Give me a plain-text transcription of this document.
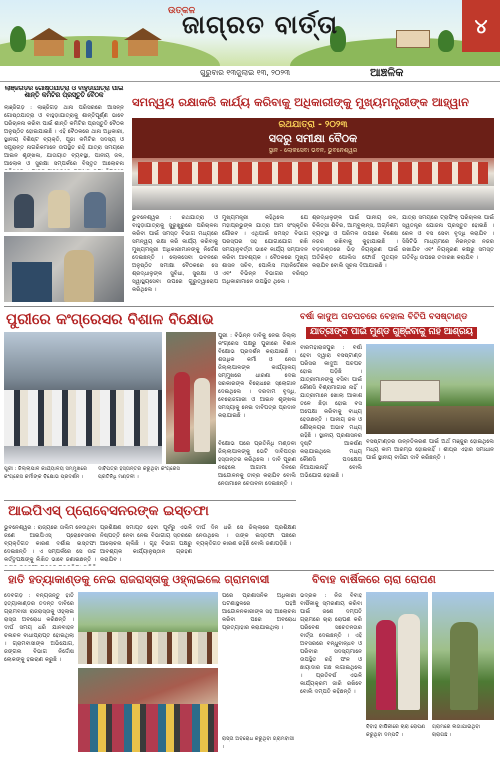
ଉତ୍କଳ
ଜାଗ୍ରତ ବାର୍ତ୍ତା	୪
ଗୁରୁବାର ୧୩ଜୁଲାଇ ୧୩, ୨୦୨୩	ଆଞ୍ଚଳିକ
ଲାଞ୍ଜିଗଡ଼ର ଗୋଷ୍ଠଯାତ୍ରା ଓ ବାହୁଡ଼ାଯାତ୍ରା ପାଇଁ ଶାନ୍ତି କମିଟିର ପ୍ରସ୍ତୁତି ବୈଠକ
ଲାଞ୍ଜିଗଡ଼ : ଲାଞ୍ଜିଗଡ଼ ଥାନା ପରିସରରେ ଆସନ୍ନ ଗୋଷ୍ଠଯାତ୍ରା ଓ ବାହୁଡ଼ାଯାତ୍ରାକୁ ଶାନ୍ତିପୂର୍ଣ୍ଣ ଭାବେ ପରିଚାଳନା କରିବା ପାଇଁ ଶାନ୍ତି କମିଟିର ପ୍ରସ୍ତୁତି ବୈଠକ ଅନୁଷ୍ଠିତ ହୋଇଯାଇଛି । ଏହି ବୈଠକରେ ଥାନା ଅଧିକାରୀ, ସ୍ଥାନୀୟ ବିଶିଷ୍ଟ ବ୍ୟକ୍ତି, ପୂଜା କମିଟିର ସଦସ୍ୟ ଓ ସମ୍ଭ୍ରାନ୍ତ ନାଗରିକମାନେ ଉପସ୍ଥିତ ରହି ଯାତ୍ରା ସମୟରେ ଆଇନ ଶୃଙ୍ଖଳା, ଯାତାୟାତ ବ୍ୟବସ୍ଥା, ପାନୀୟ ଜଳ, ଆଲୋକ ଓ ସୁରକ୍ଷା ସମ୍ପର୍କରେ ବିସ୍ତୃତ ଆଲୋଚନା
ସମନ୍ୱୟ ରକ୍ଷାକରି କାର୍ଯ୍ୟ କରିବାକୁ ଅଧିକାରୀଙ୍କୁ ମୁଖ୍ୟମନ୍ତ୍ରୀଙ୍କ ଆହ୍ୱାନ
ରଥଯାତ୍ରା - ୨୦୨୩
ସଦରୁ ସମୀକ୍ଷା ବୈଠକ
ସ୍ଥାନ - ଲୋକସେବା ଭବନ, ଭୁବନେଶ୍ୱର
ଭୁବନେଶ୍ୱର : ରଥଯାତ୍ରା ଓ ବାହୁଡ଼ାଯାତ୍ରାକୁ ସୁରୁଖୁରୁରେ ପରିଚାଳନା କରିବା ପାଇଁ ସମସ୍ତ ବିଭାଗ ମଧ୍ୟରେ ସମନ୍ୱୟ ରକ୍ଷା କରି କାର୍ଯ୍ୟ କରିବାକୁ ମୁଖ୍ୟମନ୍ତ୍ରୀ ଅଧିକାରୀମାନଙ୍କୁ ନିର୍ଦ୍ଦେଶ ଦେଇଛନ୍ତି । ଲୋକସେବା ଭବନରେ ଅନୁଷ୍ଠିତ ସମୀକ୍ଷା ବୈଠକରେ ସେ ଶ୍ରଦ୍ଧାଳୁଙ୍କ ସୁବିଧା, ସୁରକ୍ଷା ଓ ସ୍ୱାସ୍ଥ୍ୟସେବା ଉପରେ ଗୁରୁତ୍ୱାରୋପ କରିଥିଲେ ।
ମୁଖ୍ୟମନ୍ତ୍ରୀ କହିଥିଲେ ଯେ ମହାପ୍ରଭୁଙ୍କ ଯାତ୍ରା ଆମ ସଂସ୍କୃତିର ଗୌରବ । ଏଥିପାଇଁ ସମସ୍ତ ବିଭାଗ ପରସ୍ପର ସହ ଯୋଗାଯୋଗ ରଖି ସମୟାନୁବର୍ତ୍ତୀ ଭାବେ କାର୍ଯ୍ୟ ସମ୍ପାଦନ କରିବା ଆବଶ୍ୟକ । ବୈଠକରେ ମୁଖ୍ୟ ଶାସନ ସଚିବ, ପୋଲିସ ମହାନିର୍ଦ୍ଦେଶକ ଏବଂ ବିଭିନ୍ନ ବିଭାଗର ବରିଷ୍ଠ ଅଧିକାରୀମାନେ ଉପସ୍ଥିତ ଥିଲେ ।
ଶ୍ରଦ୍ଧାଳୁଙ୍କ ପାଇଁ ପାନୀୟ ଜଳ, ଚିକିତ୍ସା ଶିବିର, ଆମ୍ବୁଲାନ୍ସ, ଅଗ୍ନିଶମ ବ୍ୟବସ୍ଥା ଓ ପରିମଳ ଉପରେ ବିଶେଷ ନଜର ରଖିବାକୁ କୁହାଯାଇଛି । ବଡ଼ଦାଣ୍ଡରେ ଭିଡ଼ ନିୟନ୍ତ୍ରଣ ପାଇଁ ଅତିରିକ୍ତ ପୋଲିସ ଫୋର୍ସ ମୁତୟନ କରାଯିବ ବୋଲି ସୂଚନା ଦିଆଯାଇଛି ।
ଯାତ୍ରା ସମୟରେ ଟ୍ରାଫିକ୍ ପରିଚାଳନା ପାଇଁ ସ୍ୱତନ୍ତ୍ର ଯୋଜନା ପ୍ରସ୍ତୁତ ହୋଇଛି । ରେଳ ଓ ବସ ସେବା ବୃଦ୍ଧି କରାଯିବ । ସିସିଟିଭି ମାଧ୍ୟମରେ ନିରନ୍ତର ନଜର ରଖାଯିବ ଏବଂ ନିୟନ୍ତ୍ରଣ କକ୍ଷରୁ ସମସ୍ତ ଗତିବିଧି ଉପରେ ତଦାରଖ କରାଯିବ ।
ପୁରୀରେ କଂଗ୍ରେସର ବିଶାଳ ବିକ୍ଷୋଭ
ପୁରୀ : ବିଭିନ୍ନ ଦାବିକୁ ନେଇ ଜିଲ୍ଲା କଂଗ୍ରେସ ପକ୍ଷରୁ ପୁରୀରେ ବିଶାଳ ବିକ୍ଷୋଭ ପ୍ରଦର୍ଶନ କରାଯାଇଛି । ଶତାଧିକ କର୍ମୀ ଓ ନେତା ଜିଲ୍ଲାପାଳଙ୍କ କାର୍ଯ୍ୟାଳୟ ସମ୍ମୁଖରେ ଧାରଣା ଦେଇ ସରକାରଙ୍କ ବିରୋଧରେ ସ୍ଲୋଗାନ ଦେଇଥିଲେ । ଦରଦାମ ବୃଦ୍ଧି, ବେରୋଜଗାରୀ ଓ ଆଇନ ଶୃଙ୍ଖଳା ସମସ୍ୟାକୁ ନେଇ ଦାବିପତ୍ର ପ୍ରଦାନ କରାଯାଇଛି ।
ପୁରୀ : ଜିଲ୍ଲାପାଳ କାର୍ଯ୍ୟାଳୟ ସମ୍ମୁଖରେ କଂଗ୍ରେସ କର୍ମୀଙ୍କ ବିକ୍ଷୋଭ ପ୍ରଦର୍ଶନ ।
ଦାବିପତ୍ର ହସ୍ତାନ୍ତର କରୁଥିବା କଂଗ୍ରେସ ପ୍ରତିନିଧି ମଣ୍ଡଳୀ ।
ବିକ୍ଷୋଭ ପରେ ପ୍ରତିନିଧି ମଣ୍ଡଳୀ ଜିଲ୍ଲାପାଳଙ୍କୁ ଭେଟି ଦାବିପତ୍ର ହସ୍ତାନ୍ତର କରିଥିଲେ । ଦାବି ପୂରଣ ନହେଲେ ଆଗାମୀ ଦିନରେ ଆନ୍ଦୋଳନକୁ ତୀବ୍ର କରାଯିବ ବୋଲି ନେତାମାନେ ଚେତାବନୀ ଦେଇଛନ୍ତି ।
ବର୍ଷା କାଦୁଅ ପଚପଚରେ ବେହାଲ ବିଟିପି ବସଷ୍ଟାଣ୍ଡ
ଯାତ୍ରୀଙ୍କ ପାଇଁ ମୁଣ୍ଡ ଗୁଞ୍ଜିବାକୁ ନାହିଁ ଆଶ୍ରୟ
ବୀରମହାରାଜପୁର : ବର୍ଷା ହେବା ଦ୍ୱାରା ବସଷ୍ଟାଣ୍ଡ ପରିସର କାଦୁଅ ପଚପଚ ହୋଇ ପଡ଼ିଛି । ଯାତ୍ରୀମାନଙ୍କୁ ବସିବା ପାଇଁ କୌଣସି ବିଶ୍ରାମାଗାର ନାହିଁ । ଯାତ୍ରୀମାନେ ଖୋଲା ଆକାଶ ତଳେ ଛିଡ଼ା ହୋଇ ବସ ଅପେକ୍ଷା କରିବାକୁ ବାଧ୍ୟ ହେଉଛନ୍ତି । ପାନୀୟ ଜଳ ଓ ଶୌଚାଳୟର ଅଭାବ ମଧ୍ୟ ରହିଛି । ସ୍ଥାନୀୟ ପ୍ରଶାସନର ଦୃଷ୍ଟି ଆକର୍ଷଣ କରାଯାଇଥିଲେ ମଧ୍ୟ କୌଣସି ପଦକ୍ଷେପ ନିଆଯାଇନାହିଁ ବୋଲି ଅଭିଯୋଗ ହୋଇଛି ।
ବସଷ୍ଟାଣ୍ଡର ଉନ୍ନତିକରଣ ପାଇଁ ଅର୍ଥ ମଞ୍ଜୁର ହୋଇଥିଲେ ମଧ୍ୟ କାମ ଆରମ୍ଭ ହୋଇନାହିଁ । ଶୀଘ୍ର ଏହାର ସମାଧାନ ପାଇଁ ସ୍ଥାନୀୟ ବାସିନ୍ଦା ଦାବି କରିଛନ୍ତି ।
ଆଇପିଏସ୍ ପ୍ରୋବେସନରଙ୍କ ଇସ୍ତଫା
ଭୁବନେଶ୍ୱର : ରାଜ୍ୟରେ ତାଲିମ ନେଉଥିବା ଜଣେ ଆଇପିଏସ୍ ପ୍ରୋବେସନର ବ୍ୟକ୍ତିଗତ କାରଣ ଦର୍ଶାଇ ଇସ୍ତଫା ଦେଇଛନ୍ତି । ଏ ସମ୍ପର୍କରେ ସେ ଉଚ୍ଚ କର୍ତ୍ତୃପକ୍ଷଙ୍କୁ ଲିଖିତ ଭାବେ ଜଣାଇଛନ୍ତି ।
ପ୍ରଶିକ୍ଷଣ ସମାପ୍ତ ହେବା ପୂର୍ବରୁ ଏଭଳି ନିଷ୍ପତ୍ତି ନେବା ନେଇ ବିଭାଗୀୟ ସ୍ତରରେ ଆଲୋଚନା ଚାଲିଛି । ଗୃହ ବିଭାଗ ପକ୍ଷରୁ ଆବଶ୍ୟକ କାର୍ଯ୍ୟାନୁଷ୍ଠାନ ଗ୍ରହଣ କରାଯିବ ।
ଦୀର୍ଘ ଦିନ ଧରି ସେ ଜିଲ୍ଲାରେ ପ୍ରଶିକ୍ଷଣ ନେଉଥିଲେ । ତାଙ୍କ ଇସ୍ତଫା ପଛରେ ବ୍ୟକ୍ତିଗତ କାରଣ ରହିଛି ବୋଲି ଜଣାପଡ଼ିଛି ।
ହାତି ହତ୍ୟାକାଣ୍ଡକୁ ନେଇ ରାଜରାସ୍ତାକୁ ଓହ୍ଲାଇଲେ ଗ୍ରାମବାସୀ
ଦେବଗଡ଼ : ବନ୍ୟଜନ୍ତୁ ହାତି ହତ୍ୟାକାଣ୍ଡର ତଦନ୍ତ ଦାବିରେ ଗ୍ରାମବାସୀ ରାଜରାସ୍ତାକୁ ଓହ୍ଲାଇ ରାସ୍ତା ଅବରୋଧ କରିଛନ୍ତି । ଦୀର୍ଘ ସମୟ ଧରି ଯାନବାହନ ଚଳାଚଳ ବାଧାପ୍ରାପ୍ତ ହୋଇଥିଲା । ଗ୍ରାମବାସୀଙ୍କ ଅଭିଯୋଗ, ଜଙ୍ଗଲ ବିଭାଗ ନିର୍ଦ୍ଦୋଷ ଲୋକଙ୍କୁ ହଇରାଣ କରୁଛି ।
ପରେ ପ୍ରଶାସନିକ ଅଧିକାରୀ ଘଟଣାସ୍ଥଳରେ ପହଞ୍ଚି ଆନ୍ଦୋଳନକାରୀଙ୍କ ସହ ଆଲୋଚନା କରିବା ପରେ ଅବରୋଧ ପ୍ରତ୍ୟାହାର କରାଯାଇଥିଲା ।
ରାସ୍ତା ଅବରୋଧ କରୁଥିବା ଗ୍ରାମବାସୀ ।
ବିବାହ ବାର୍ଷିକରେ ଚାରା ରୋପଣ
ଭଦ୍ରକ : ନିଜ ବିବାହ ବାର୍ଷିକୀକୁ ସ୍ମରଣୀୟ କରିବା ପାଇଁ ଜଣେ ଦମ୍ପତି ଗ୍ରାମରେ ଚାରା ରୋପଣ କରି ପରିବେଶ ସଚେତନତାର ବାର୍ତ୍ତା ଦେଇଛନ୍ତି । ଏହି ଅବସରରେ ବନ୍ଧୁବାନ୍ଧବ ଓ ପରିବାର ସଦସ୍ୟମାନେ ଉପସ୍ଥିତ ରହି ଫଳ ଓ ଛାୟାଦାର ଗଛ ଲଗାଇଥିଲେ । ପ୍ରତିବର୍ଷ ଏଭଳି କାର୍ଯ୍ୟକ୍ରମ ଜାରି ରଖିବେ ବୋଲି ଦମ୍ପତି କହିଛନ୍ତି ।
ବିବାହ ବାର୍ଷିକୀରେ ଚାରା ରୋପଣ କରୁଥିବା ଦମ୍ପତି ।
ଗ୍ରାମରେ ଲଗାଯାଇଥିବା ଚାରାଗଛ ।
